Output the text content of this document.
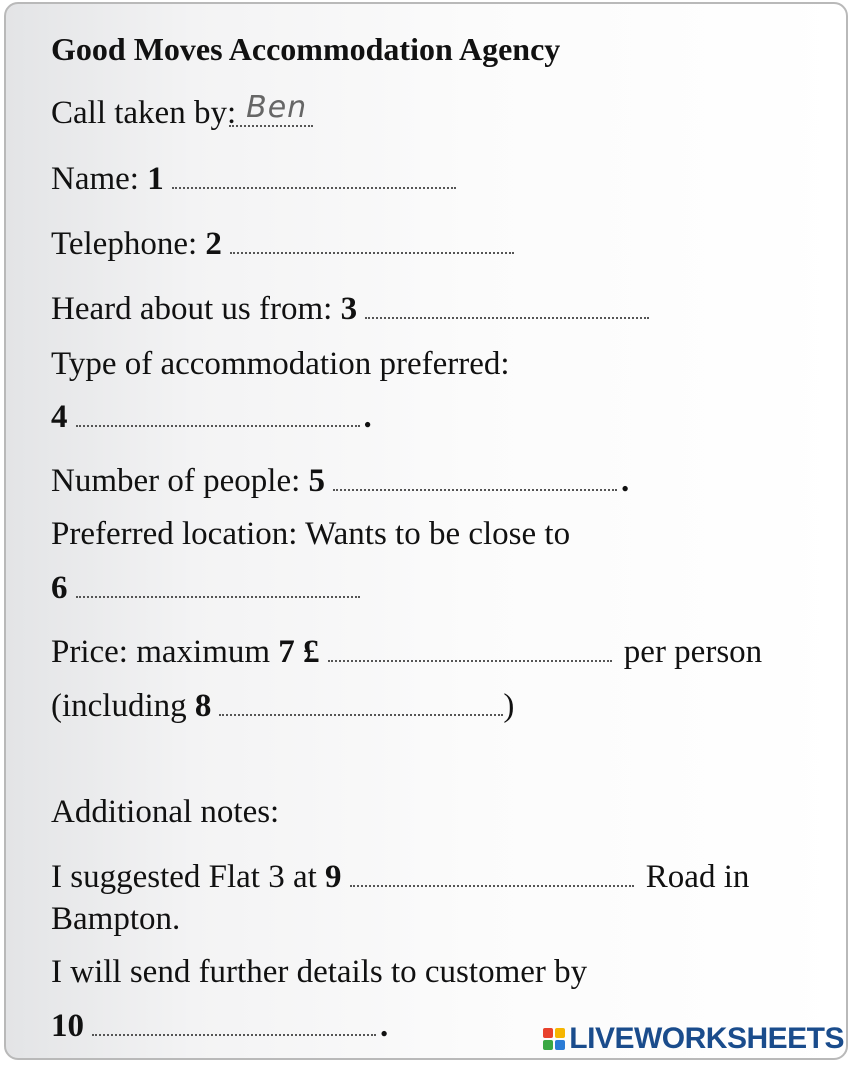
Good Moves Accommodation Agency
Call taken by: Ben
Name: 1
Telephone: 2
Heard about us from: 3
Type of accommodation preferred:
4	.
Number of people: 5	.
Preferred location: Wants to be close to
6
Price: maximum 7 £	per person
(including 8	)
Additional notes:
I suggested Flat 3 at 9	Road in
Bampton.
I will send further details to customer by
10	.	LIVEWORKSHEETS
